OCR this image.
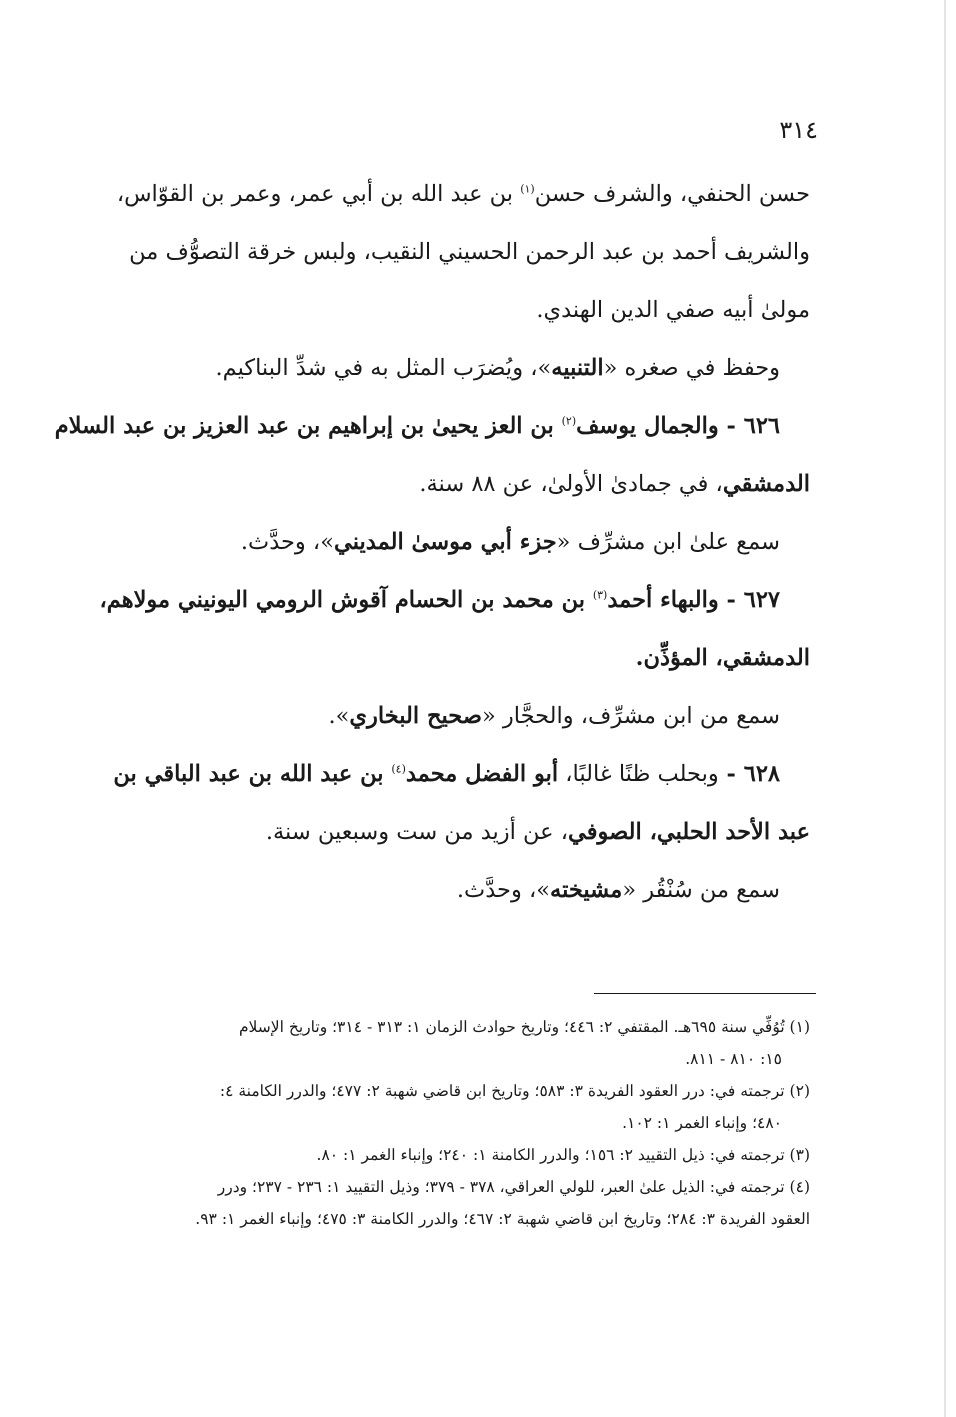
٣١٤

حسن الحنفي، والشرف حسن$^{(١)}$ بن عبد الله بن أبي عمر، وعمر بن القوّاس،

والشريف أحمد بن عبد الرحمن الحسيني النقيب، ولبس خرقة التصوُّف من

مولىٰ أبيه صفي الدين الهندي.

وحفظ في صغره «التنبيه»، ويُضرَب المثل به في شدِّ البناكيم.

٦٢٦ - والجمال يوسف$^{(٢)}$ بن العز يحيىٰ بن إبراهيم بن عبد العزيز بن عبد السلام

الدمشقي، في جمادىٰ الأولىٰ، عن ٨٨ سنة.

سمع علىٰ ابن مشرِّف «جزء أبي موسىٰ المديني»، وحدَّث.

٦٢٧ - والبهاء أحمد$^{(٣)}$ بن محمد بن الحسام آقوش الرومي اليونيني مولاهم،

الدمشقي، المؤذِّن.

سمع من ابن مشرِّف، والحجَّار «صحيح البخاري».

٦٢٨ - وبحلب ظنًا غالبًا، أبو الفضل محمد$^{(٤)}$ بن عبد الله بن عبد الباقي بن

عبد الأحد الحلبي، الصوفي، عن أزيد من ست وسبعين سنة.

سمع من سُنْقُر «مشيخته»، وحدَّث.

(١) تُوُفِّي سنة ٦٩٥هـ. المقتفي ٢: ٤٤٦؛ وتاريخ حوادث الزمان ١: ٣١٣ - ٣١٤؛ وتاريخ الإسلام

١٥: ٨١٠ - ٨١١.

(٢) ترجمته في: درر العقود الفريدة ٣: ٥٨٣؛ وتاريخ ابن قاضي شهبة ٢: ٤٧٧؛ والدرر الكامنة ٤:

٤٨٠؛ وإنباء الغمر ١: ١٠٢.

(٣) ترجمته في: ذيل التقييد ٢: ١٥٦؛ والدرر الكامنة ١: ٢٤٠؛ وإنباء الغمر ١: ٨٠.

(٤) ترجمته في: الذيل علىٰ العبر، للولي العراقي، ٣٧٨ - ٣٧٩؛ وذيل التقييد ١: ٢٣٦ - ٢٣٧؛ ودرر

العقود الفريدة ٣: ٢٨٤؛ وتاريخ ابن قاضي شهبة ٢: ٤٦٧؛ والدرر الكامنة ٣: ٤٧٥؛ وإنباء الغمر ١: ٩٣.
